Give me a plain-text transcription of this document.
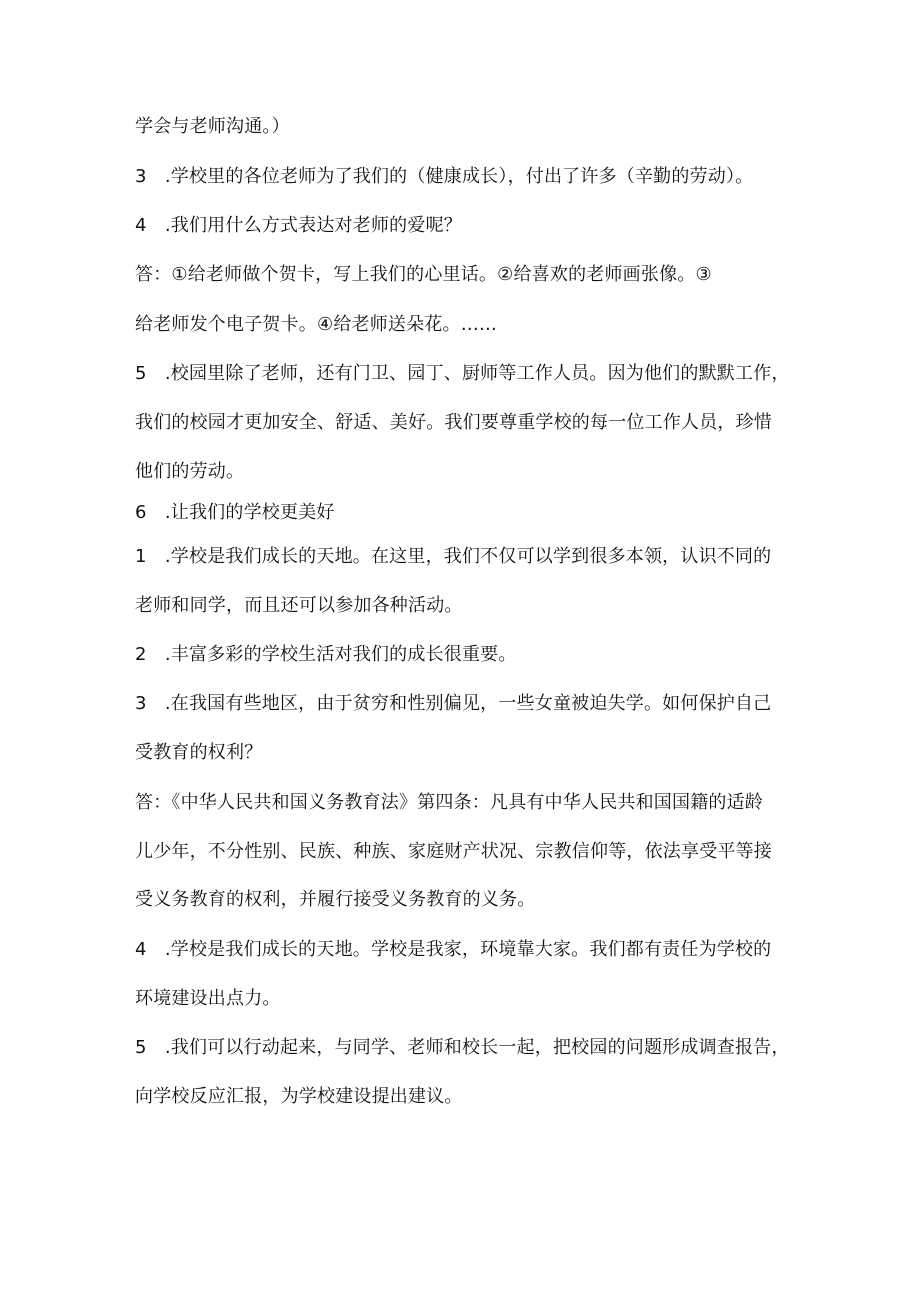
学会与老师沟通。）
3　.学校里的各位老师为了我们的（健康成长），付出了许多（辛勤的劳动）。
4　.我们用什么方式表达对老师的爱呢？
答：①给老师做个贺卡，写上我们的心里话。②给喜欢的老师画张像。③
给老师发个电子贺卡。④给老师送朵花。……
5　.校园里除了老师，还有门卫、园丁、厨师等工作人员。因为他们的默默工作，
我们的校园才更加安全、舒适、美好。我们要尊重学校的每一位工作人员，珍惜
他们的劳动。
6　.让我们的学校更美好
1　.学校是我们成长的天地。在这里，我们不仅可以学到很多本领，认识不同的
老师和同学，而且还可以参加各种活动。
2　.丰富多彩的学校生活对我们的成长很重要。
3　.在我国有些地区，由于贫穷和性别偏见，一些女童被迫失学。如何保护自己
受教育的权利？
答：《中华人民共和国义务教育法》第四条：凡具有中华人民共和国国籍的适龄
儿少年，不分性别、民族、种族、家庭财产状况、宗教信仰等，依法享受平等接
受义务教育的权利，并履行接受义务教育的义务。
4　.学校是我们成长的天地。学校是我家，环境靠大家。我们都有责任为学校的
环境建设出点力。
5　.我们可以行动起来，与同学、老师和校长一起，把校园的问题形成调查报告，
向学校反应汇报，为学校建设提出建议。
